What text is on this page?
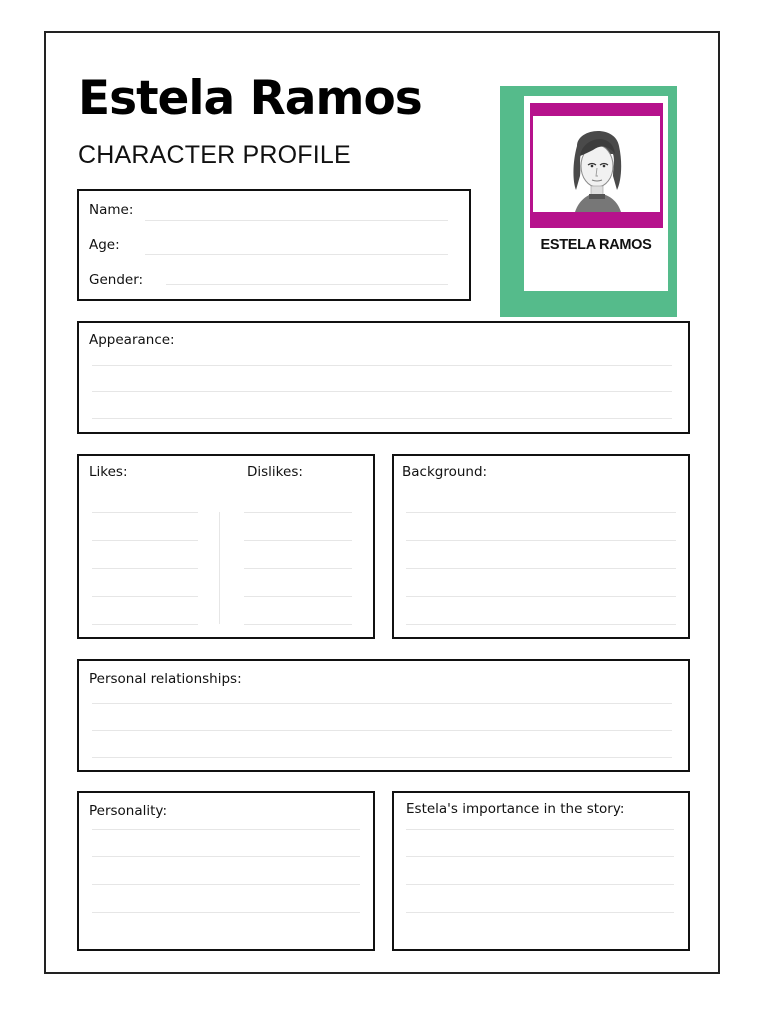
Estela Ramos
CHARACTER PROFILE
Name:
Age:
Gender:
ESTELA RAMOS
Appearance:
Likes:	Dislikes:	Background:
Personal relationships:
Personality:	Estela's importance in the story:
